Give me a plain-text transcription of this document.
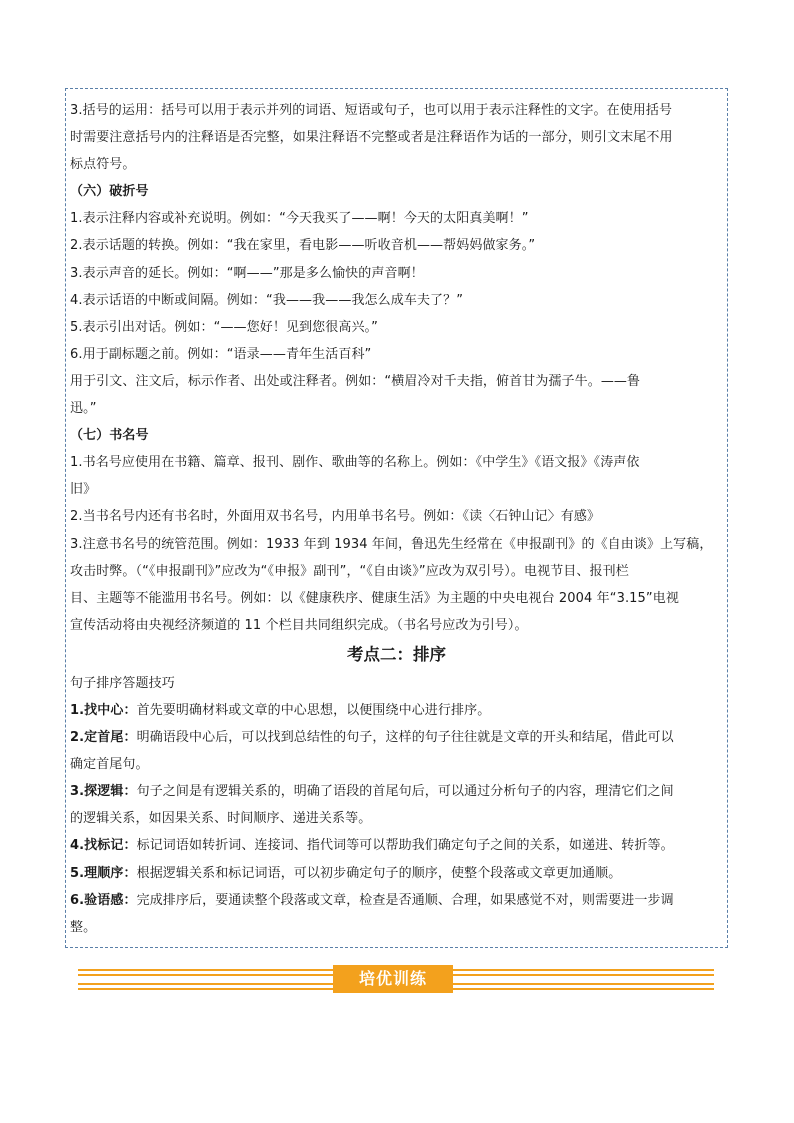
3.括号的运用：括号可以用于表示并列的词语、短语或句子，也可以用于表示注释性的文字。在使用括号
时需要注意括号内的注释语是否完整，如果注释语不完整或者是注释语作为话的一部分，则引文末尾不用
标点符号。
（六）破折号
1.表示注释内容或补充说明。例如：“今天我买了——啊！今天的太阳真美啊！”
2.表示话题的转换。例如：“我在家里，看电影——听收音机——帮妈妈做家务。”
3.表示声音的延长。例如：“啊——”那是多么愉快的声音啊！
4.表示话语的中断或间隔。例如：“我——我——我怎么成车夫了？”
5.表示引出对话。例如：“——您好！见到您很高兴。”
6.用于副标题之前。例如：“语录——青年生活百科”
用于引文、注文后，标示作者、出处或注释者。例如：“横眉冷对千夫指，俯首甘为孺子牛。——鲁
迅。”
（七）书名号
1.书名号应使用在书籍、篇章、报刊、剧作、歌曲等的名称上。例如：《中学生》《语文报》《涛声依
旧》
2.当书名号内还有书名时，外面用双书名号，内用单书名号。例如：《读〈石钟山记〉有感》
3.注意书名号的统管范围。例如：1933 年到 1934 年间，鲁迅先生经常在《申报副刊》的《自由谈》上写稿，
攻击时弊。（“《申报副刊》”应改为“《申报》副刊”，“《自由谈》”应改为双引号）。电视节目、报刊栏
目、主题等不能滥用书名号。例如：以《健康秩序、健康生活》为主题的中央电视台 2004 年“3.15”电视
宣传活动将由央视经济频道的 11 个栏目共同组织完成。（书名号应改为引号）。
考点二：排序
句子排序答题技巧
1.找中心：首先要明确材料或文章的中心思想，以便围绕中心进行排序。
2.定首尾：明确语段中心后，可以找到总结性的句子，这样的句子往往就是文章的开头和结尾，借此可以
确定首尾句。
3.探逻辑：句子之间是有逻辑关系的，明确了语段的首尾句后，可以通过分析句子的内容，理清它们之间
的逻辑关系，如因果关系、时间顺序、递进关系等。
4.找标记：标记词语如转折词、连接词、指代词等可以帮助我们确定句子之间的关系，如递进、转折等。
5.理顺序：根据逻辑关系和标记词语，可以初步确定句子的顺序，使整个段落或文章更加通顺。
6.验语感：完成排序后，要通读整个段落或文章，检查是否通顺、合理，如果感觉不对，则需要进一步调
整。
培优训练
